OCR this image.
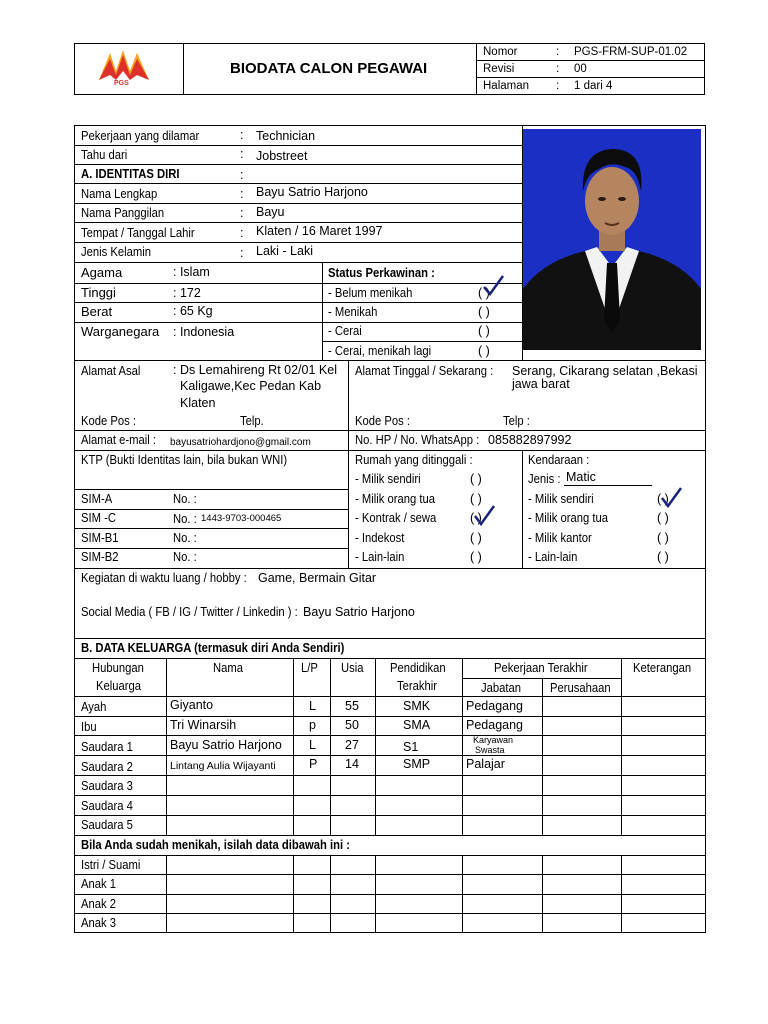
PGS
BIODATA CALON PEGAWAI
Nomor	: PGS-FRM-SUP-01.02
Revisi	: 00
Halaman : 1 dari 4
Pekerjaan yang dilamar	: Technician
Tahu dari	: Jobstreet
A. IDENTITAS DIRI	:
Nama Lengkap	: Bayu Satrio Harjono
Nama Panggilan	: Bayu
Tempat / Tanggal Lahir	: Klaten / 16 Maret 1997
Jenis Kelamin	: Laki - Laki
Agama	: Islam
Tinggi	: 172
Berat	: 65 Kg
Warganegara : Indonesia
Status Perkawinan :
- Belum menikah	( )
- Menikah	( )
- Cerai	( )
- Cerai, menikah lagi	( )
Alamat Asal	: Ds Lemahireng Rt 02/01 Kel
Kaligawe,Kec Pedan Kab
Klaten
Alamat Tinggal / Sekarang : Serang, Cikarang selatan ,Bekasi
jawa barat
Kode Pos :	Telp.	Kode Pos :	Telp :
Alamat e-mail : bayusatriohardjono@gmail.com	No. HP / No. WhatsApp : 085882897992
KTP (Bukti Identitas lain, bila bukan WNI)
SIM-A	No. :
SIM -C	No. : 1443-9703-000465
SIM-B1	No. :
SIM-B2	No. :
Rumah yang ditinggali :
- Milik sendiri	( )
- Milik orang tua	( )
- Kontrak / sewa	( )
- Indekost	( )
- Lain-lain	( )
Kendaraan :
Jenis : Matic
- Milik sendiri	( )
- Milik orang tua	( )
- Milik kantor	( )
- Lain-lain	( )
Kegiatan di waktu luang / hobby : Game, Bermain Gitar
Social Media ( FB / IG / Twitter / Linkedin ) : Bayu Satrio Harjono
B. DATA KELUARGA (termasuk diri Anda Sendiri)
Hubungan
Keluarga
Nama	L/P Usia Pendidikan
Terakhir
Pekerjaan Terakhir
Jabatan Perusahaan
Keterangan
Ayah	Giyanto	L 55	SMK	Pedagang
Ibu	Tri Winarsih	p 50	SMA	Pedagang
Saudara 1	Bayu Satrio Harjono L 27	S1	Karyawan
Swasta
Saudara 2	Lintang Aulia Wijayanti	P 14	SMP	Palajar
Saudara 3
Saudara 4
Saudara 5
Bila Anda sudah menikah, isilah data dibawah ini :
Istri / Suami
Anak 1
Anak 2
Anak 3
